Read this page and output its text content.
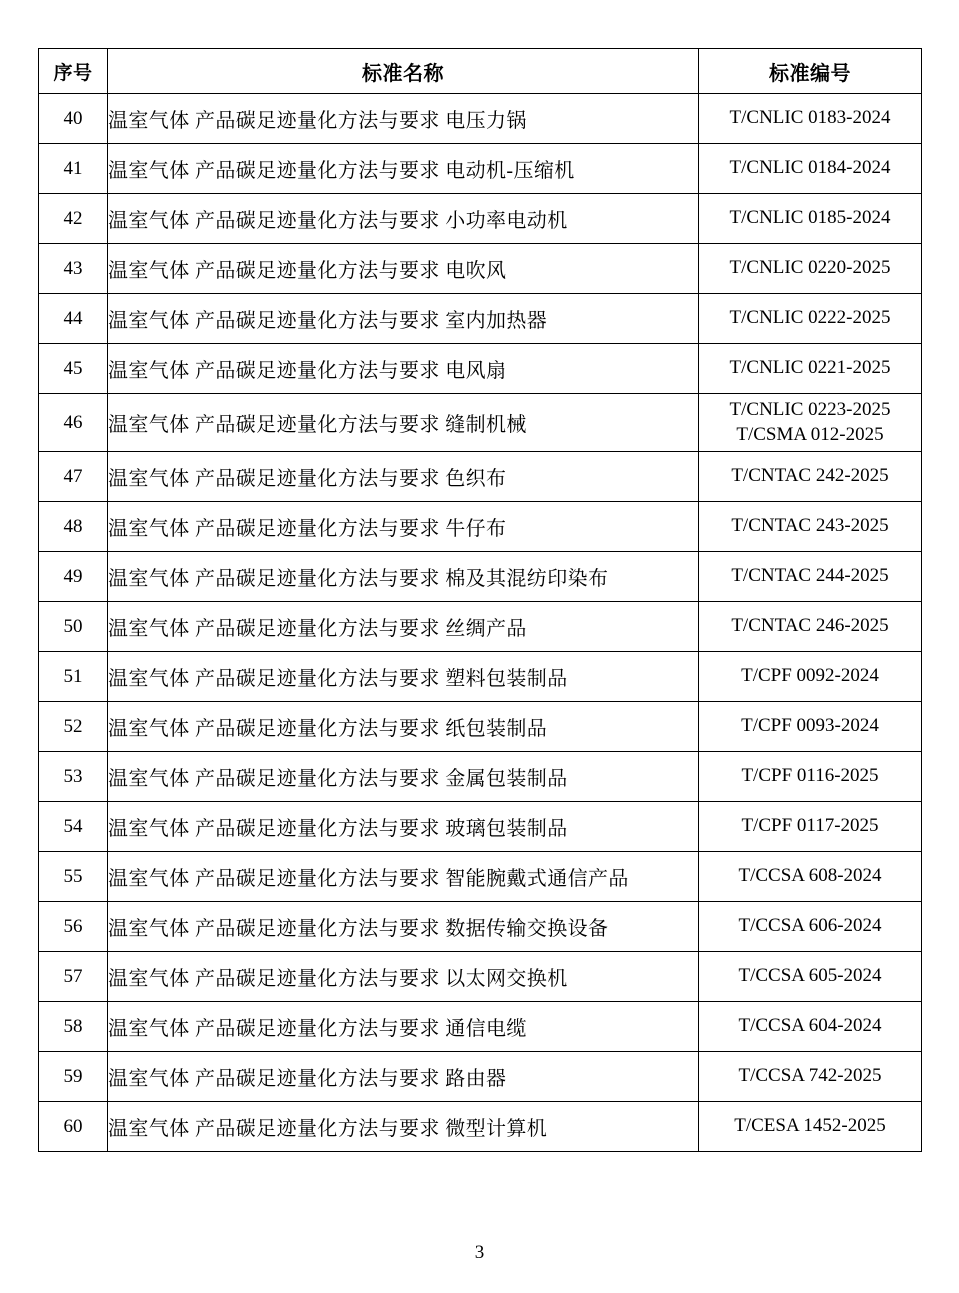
序号	标准名称	标准编号
40	温室气体 产品碳足迹量化方法与要求 电压力锅	T/CNLIC 0183-2024

41	温室气体 产品碳足迹量化方法与要求 电动机-压缩机	T/CNLIC 0184-2024

42	温室气体 产品碳足迹量化方法与要求 小功率电动机	T/CNLIC 0185-2024

43	温室气体 产品碳足迹量化方法与要求 电吹风	T/CNLIC 0220-2025

44	温室气体 产品碳足迹量化方法与要求 室内加热器	T/CNLIC 0222-2025

45	温室气体 产品碳足迹量化方法与要求 电风扇	T/CNLIC 0221-2025

46	温室气体 产品碳足迹量化方法与要求 缝制机械	T/CNLIC 0223-2025
T/CSMA 012-2025

47	温室气体 产品碳足迹量化方法与要求 色织布	T/CNTAC 242-2025

48	温室气体 产品碳足迹量化方法与要求 牛仔布	T/CNTAC 243-2025

49	温室气体 产品碳足迹量化方法与要求 棉及其混纺印染布	T/CNTAC 244-2025

50	温室气体 产品碳足迹量化方法与要求 丝绸产品	T/CNTAC 246-2025

51	温室气体 产品碳足迹量化方法与要求 塑料包装制品	T/CPF 0092-2024

52	温室气体 产品碳足迹量化方法与要求 纸包装制品	T/CPF 0093-2024

53	温室气体 产品碳足迹量化方法与要求 金属包装制品	T/CPF 0116-2025

54	温室气体 产品碳足迹量化方法与要求 玻璃包装制品	T/CPF 0117-2025

55	温室气体 产品碳足迹量化方法与要求 智能腕戴式通信产品	T/CCSA 608-2024

56	温室气体 产品碳足迹量化方法与要求 数据传输交换设备	T/CCSA 606-2024

57	温室气体 产品碳足迹量化方法与要求 以太网交换机	T/CCSA 605-2024

58	温室气体 产品碳足迹量化方法与要求 通信电缆	T/CCSA 604-2024

59	温室气体 产品碳足迹量化方法与要求 路由器	T/CCSA 742-2025

60	温室气体 产品碳足迹量化方法与要求 微型计算机	T/CESA 1452-2025
3
